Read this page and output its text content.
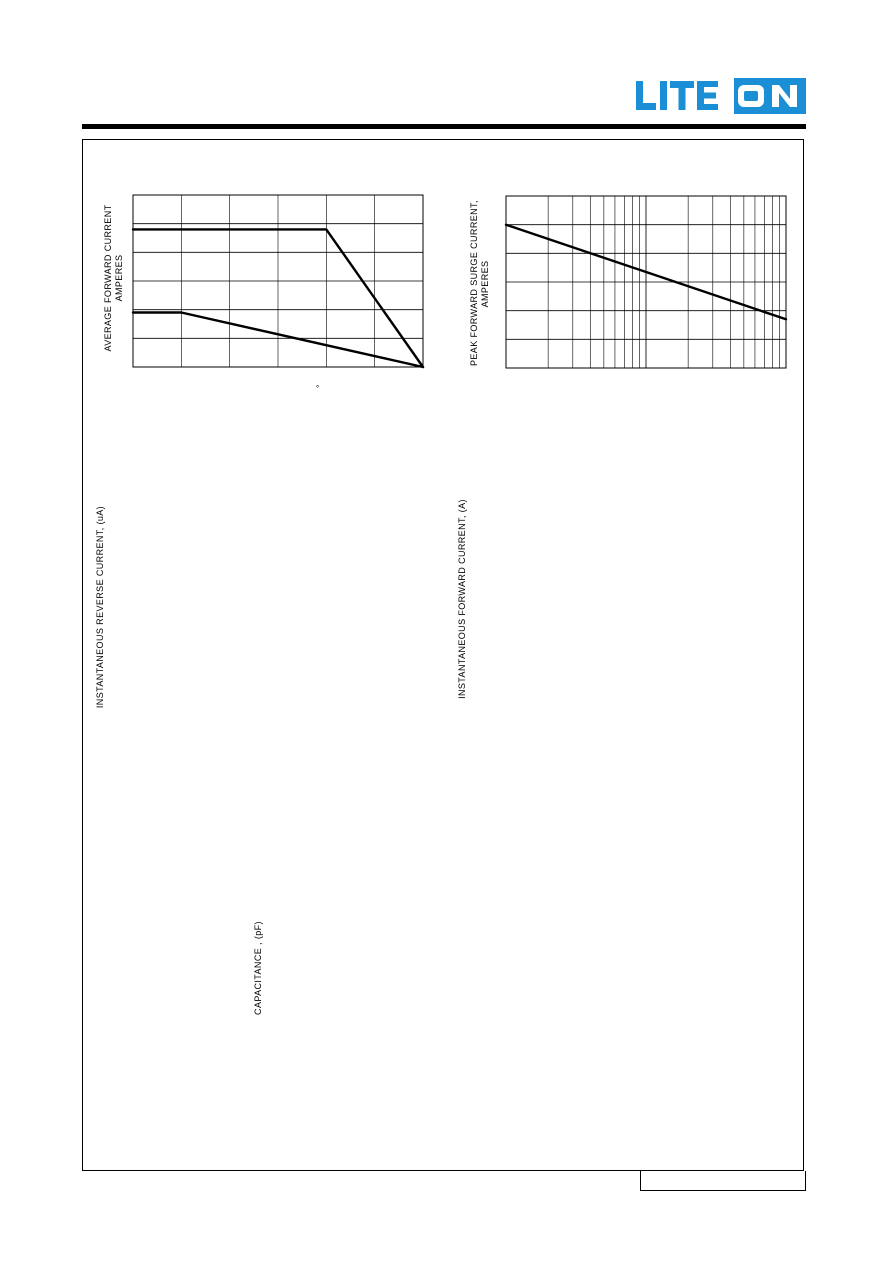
AVERAGE FORWARD CURRENT AMPERES
°
PEAK FORWARD SURGE CURRENT, AMPERES
INSTANTANEOUS REVERSE CURRENT, (uA)	INSTANTANEOUS FORWARD CURRENT, (A)
CAPACITANCE , (pF)
